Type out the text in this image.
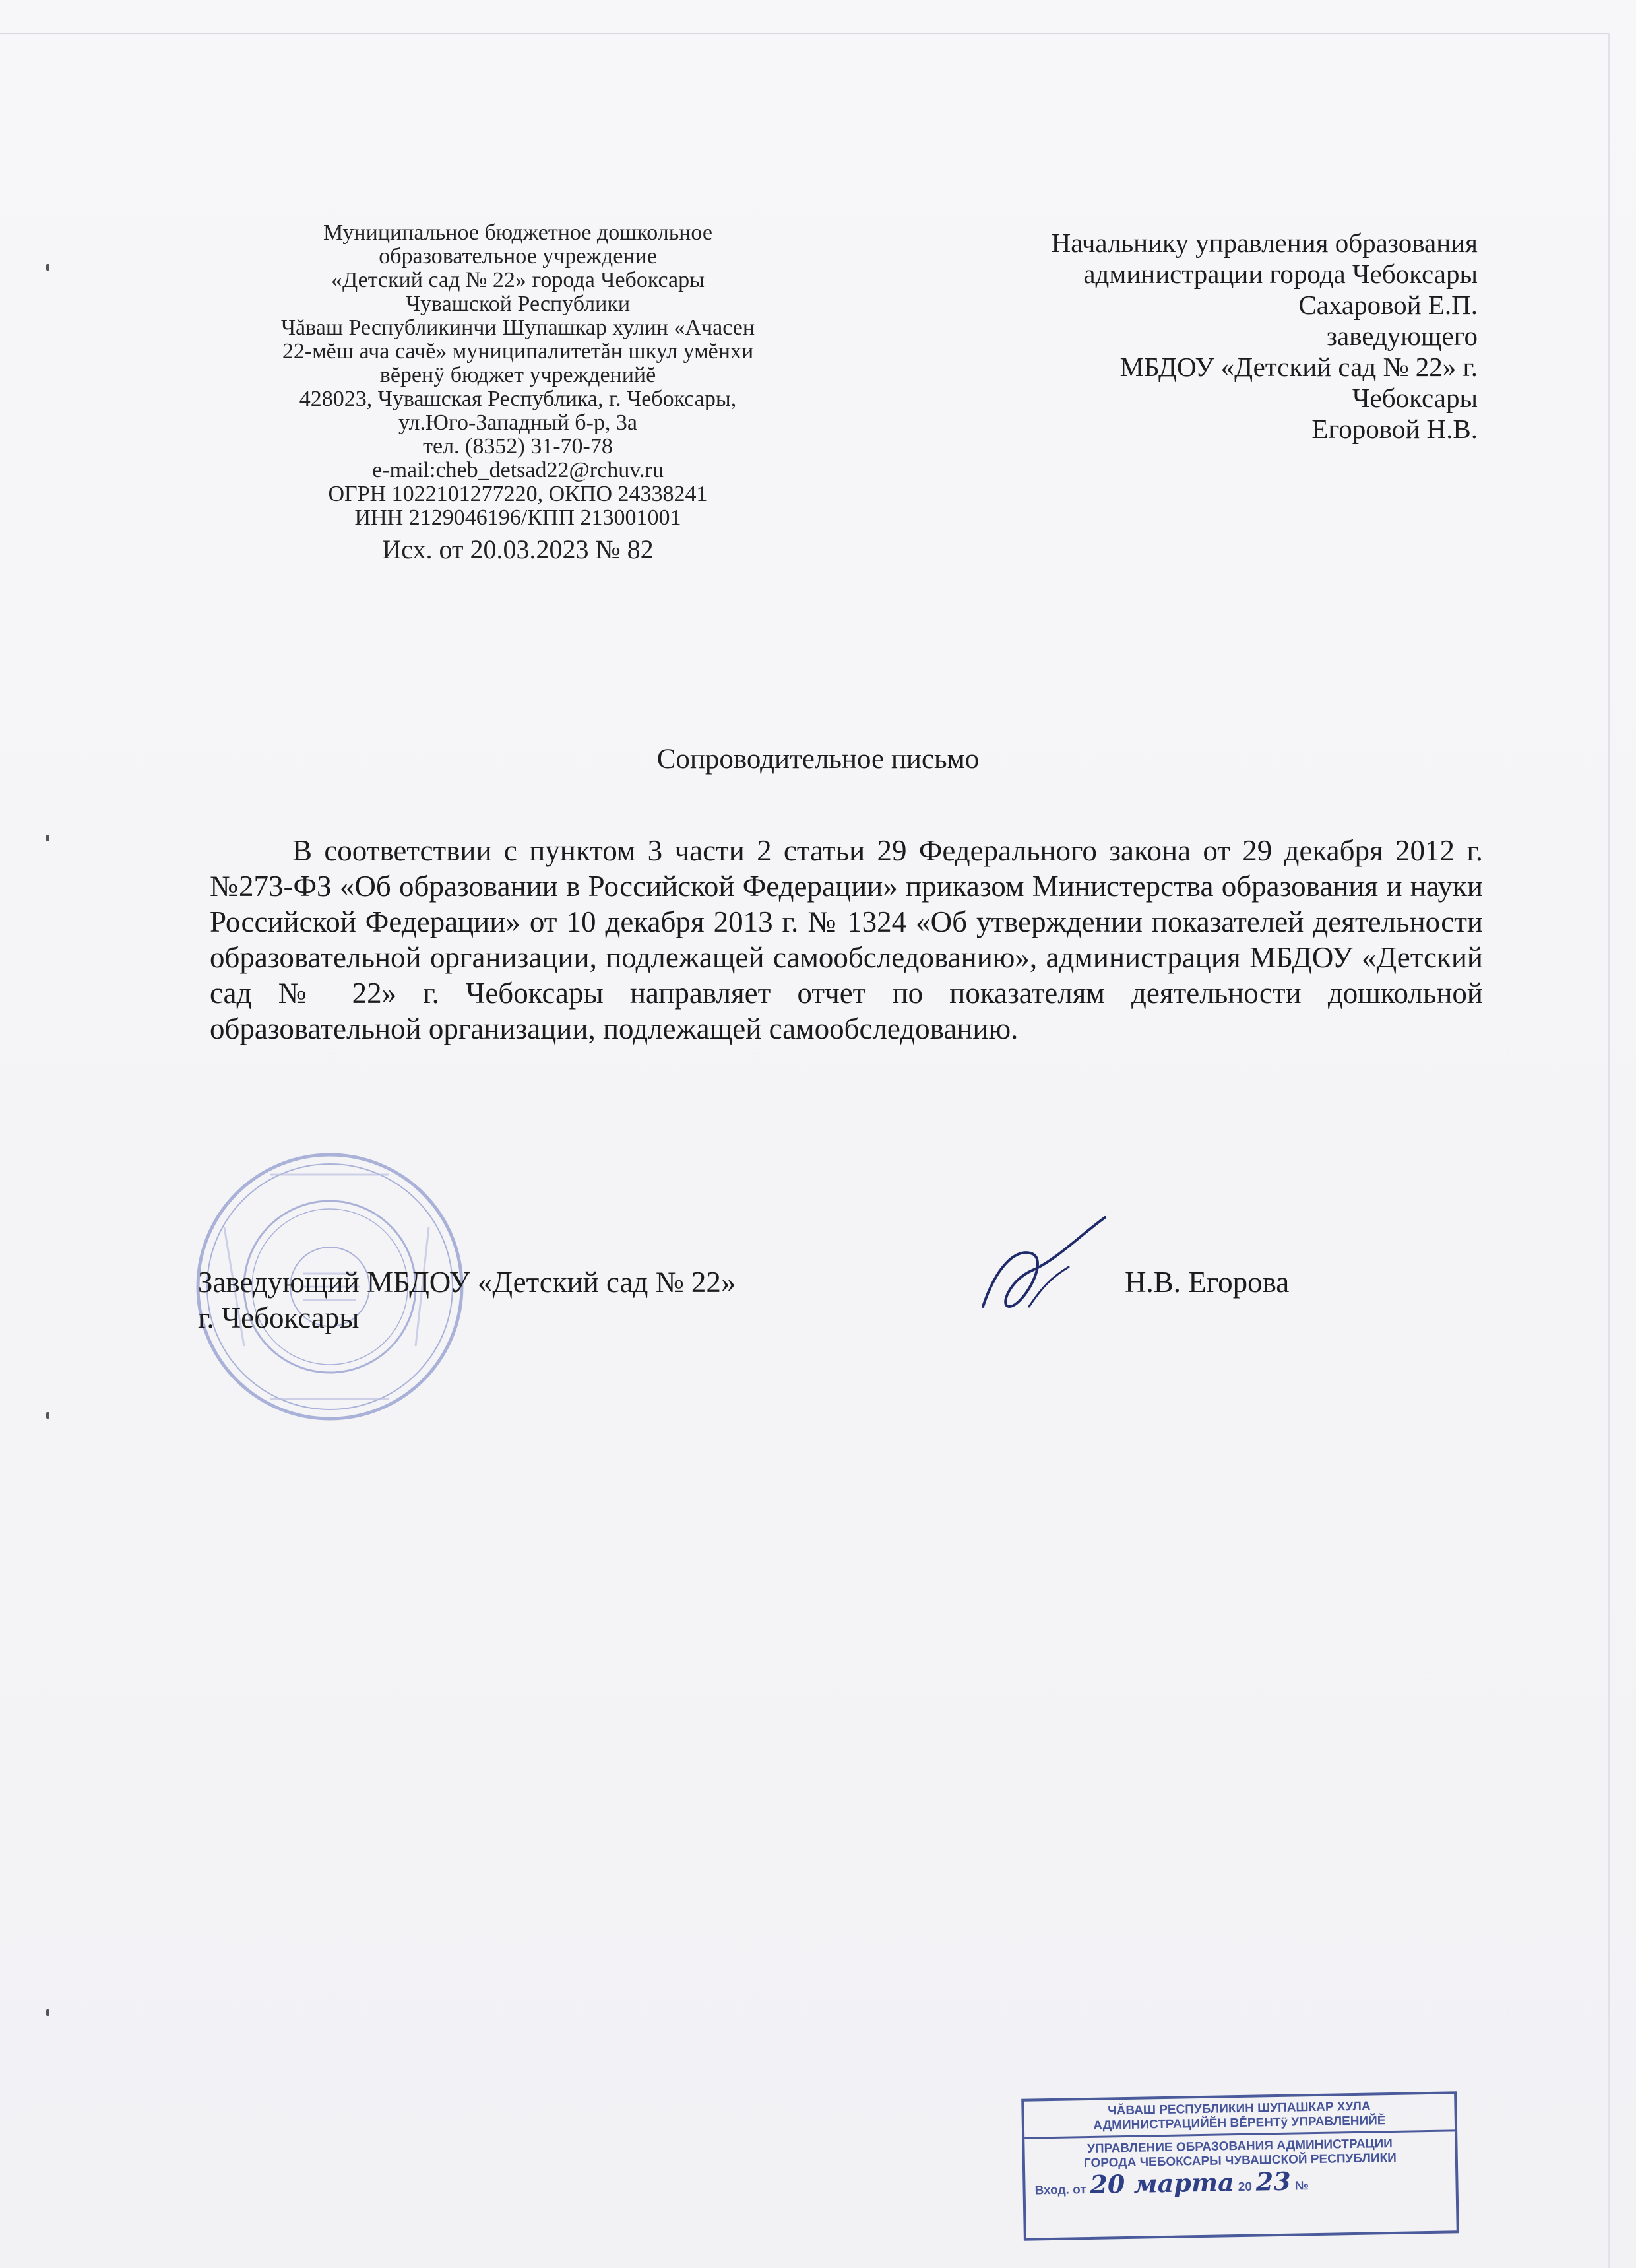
Муниципальное бюджетное дошкольное
образовательное учреждение
«Детский сад № 22» города Чебоксары
Чувашской Республики
Чăваш Республикинчи Шупашкар хулин «Ачасен
22-мĕш ача сачĕ» муниципалитетăн шкул умĕнхи
вĕренÿ бюджет учрежденийĕ
428023, Чувашская Республика, г. Чебоксары,
ул.Юго-Западный б-р, 3а
тел. (8352) 31-70-78
e-mail:cheb_detsad22@rchuv.ru
ОГРН 1022101277220, ОКПО 24338241
ИНН 2129046196/КПП 213001001
Исх. от 20.03.2023 № 82
Начальнику управления образования
администрации города Чебоксары
Сахаровой Е.П.
заведующего
МБДОУ «Детский сад № 22» г.
Чебоксары
Егоровой Н.В.
Сопроводительное письмо
В соответствии с пунктом 3 части 2 статьи 29 Федерального закона от 29 декабря 2012 г. №273-ФЗ «Об образовании в Российской Федерации» приказом Министерства образования и науки Российской Федерации» от 10 декабря 2013 г. № 1324 «Об утверждении показателей деятельности образовательной организации, подлежащей самообследованию», администрация МБДОУ «Детский сад № 22» г. Чебоксары направляет отчет по показателям деятельности дошкольной образовательной организации, подлежащей самообследованию.
Заведующий МБДОУ «Детский сад № 22»
г. Чебоксары
Н.В. Егорова
ЧĂВАШ РЕСПУБЛИКИН ШУПАШКАР ХУЛА
АДМИНИСТРАЦИЙĔН ВĔРЕНТÿ УПРАВЛЕНИЙĔ
УПРАВЛЕНИЕ ОБРАЗОВАНИЯ АДМИНИСТРАЦИИ
ГОРОДА ЧЕБОКСАРЫ ЧУВАШСКОЙ РЕСПУБЛИКИ
Вход. от 20 марта 20 23 №
